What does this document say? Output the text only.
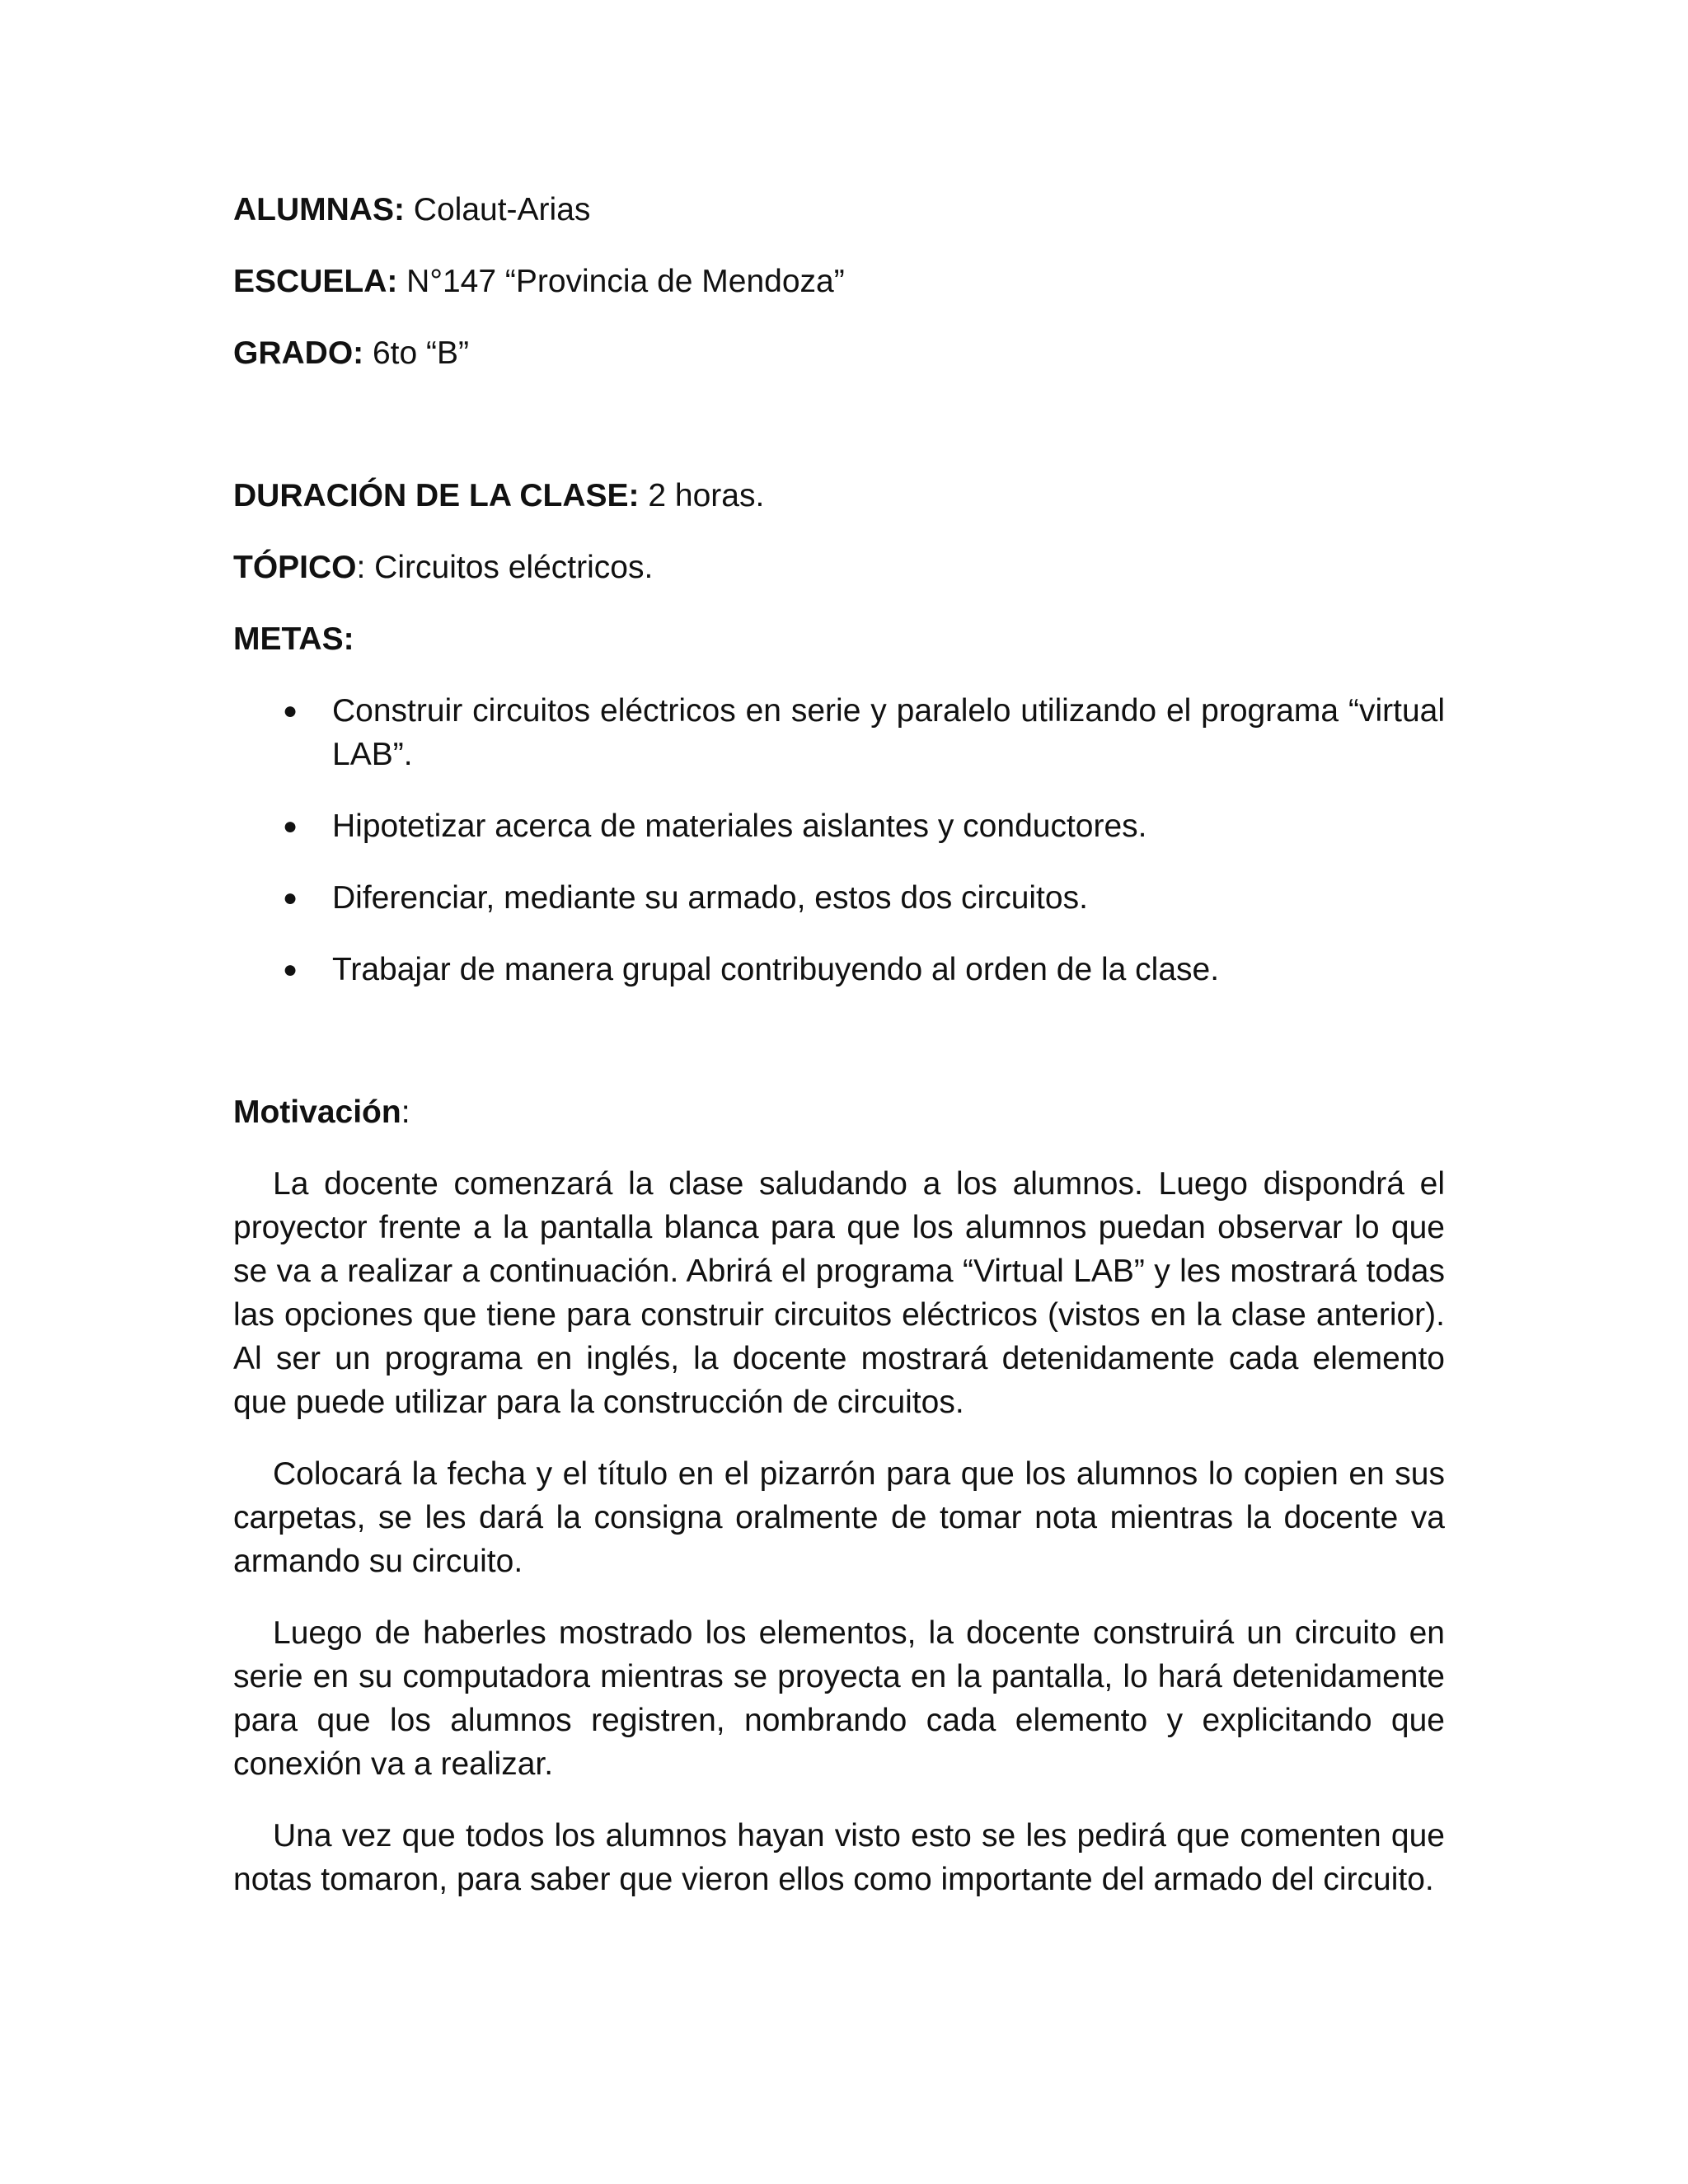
ALUMNAS: Colaut-Arias
ESCUELA: N°147 “Provincia de Mendoza”
GRADO: 6to “B”
DURACIÓN DE LA CLASE: 2 horas.
TÓPICO: Circuitos eléctricos.
METAS:
● Construir circuitos eléctricos en serie y paralelo utilizando el programa “virtual LAB”.
● Hipotetizar acerca de materiales aislantes y conductores.
● Diferenciar, mediante su armado, estos dos circuitos.
● Trabajar de manera grupal contribuyendo al orden de la clase.
Motivación:

La docente comenzará la clase saludando a los alumnos. Luego dispondrá el proyector frente a la pantalla blanca para que los alumnos puedan observar lo que se va a realizar a continuación. Abrirá el programa “Virtual LAB” y les mostrará todas las opciones que tiene para construir circuitos eléctricos (vistos en la clase anterior). Al ser un programa en inglés, la docente mostrará detenidamente cada elemento que puede utilizar para la construcción de circuitos.

Colocará la fecha y el título en el pizarrón para que los alumnos lo copien en sus carpetas, se les dará la consigna oralmente de tomar nota mientras la docente va armando su circuito.

Luego de haberles mostrado los elementos, la docente construirá un circuito en serie en su computadora mientras se proyecta en la pantalla, lo hará detenidamente para que los alumnos registren, nombrando cada elemento y explicitando que conexión va a realizar.

Una vez que todos los alumnos hayan visto esto se les pedirá que comenten que notas tomaron, para saber que vieron ellos como importante del armado del circuito.
